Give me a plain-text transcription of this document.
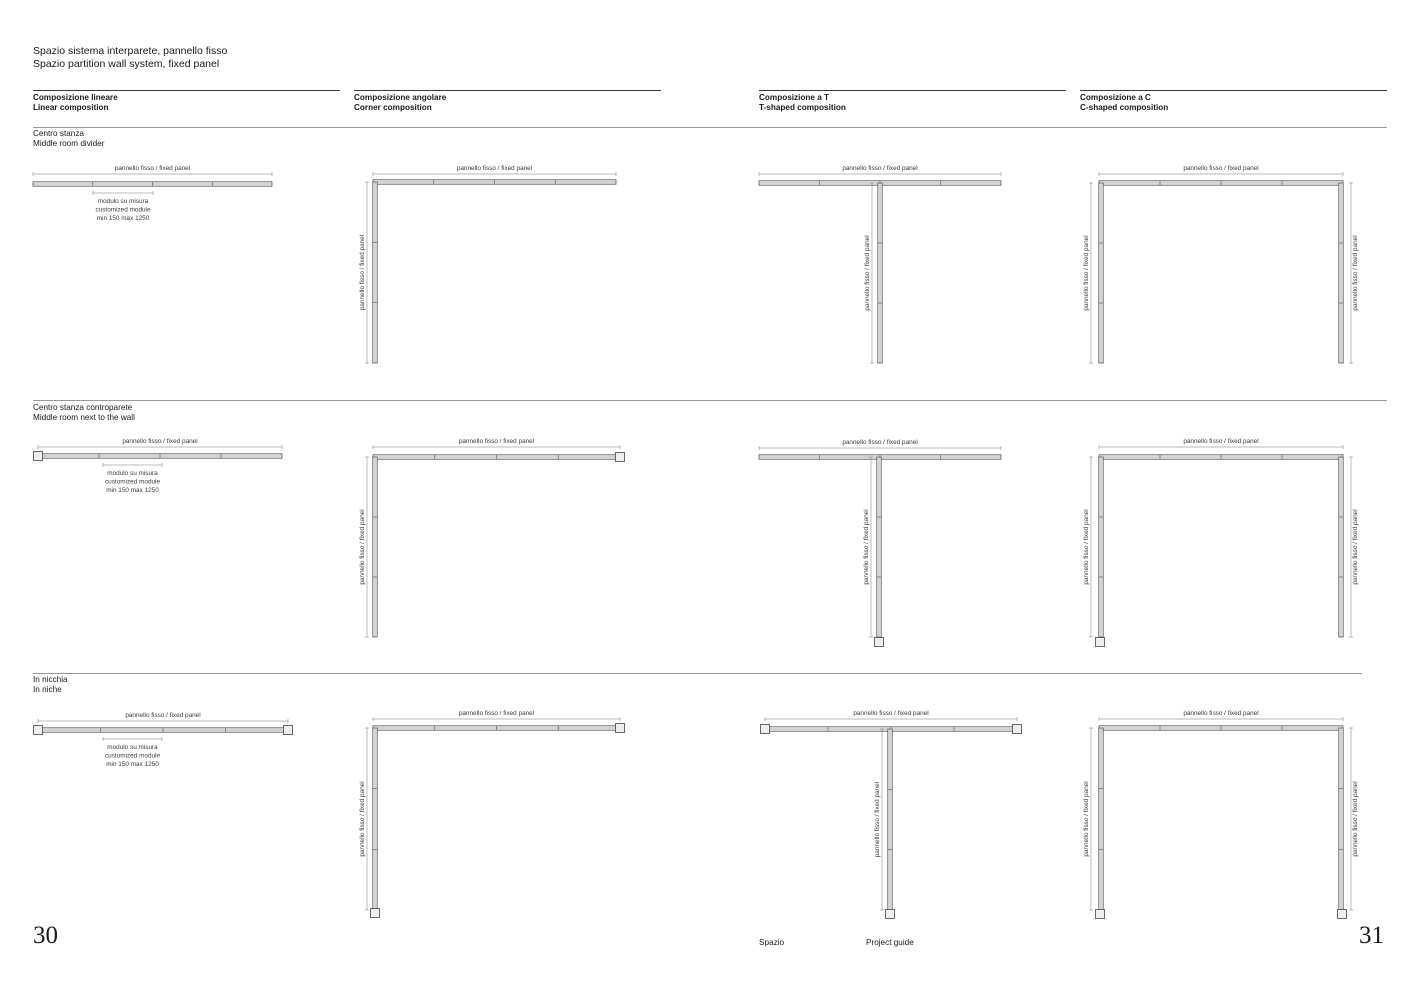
Spazio sistema interparete, pannello fisso
Spazio partition wall system, fixed panel
Composizione lineare
Linear composition
Composizione angolare
Corner composition
Composizione a T
T-shaped composition
Composizione a C
C-shaped composition
Centro stanza
Middle room divider
Centro stanza controparete
Middle room next to the wall
In nicchia
In niche
pannello fisso / fixed panel
modulo su misura
customized module
min 150 max 1250
pannello fisso / fixed panel
pannello fisso / fixed panel
pannello fisso / fixed panel
pannello fisso / fixed panel
pannello fisso / fixed panel
pannello fisso / fixed panel	pannello fisso / fixed panel
pannello fisso / fixed panel
modulo su misura
customized module
min 150 max 1250
pannello fisso / fixed panel
pannello fisso / fixed panel
pannello fisso / fixed panel
pannello fisso / fixed panel
pannello fisso / fixed panel
pannello fisso / fixed panel	pannello fisso / fixed panel
pannello fisso / fixed panel
modulo su misura
customized module
min 150 max 1250
pannello fisso / fixed panel
pannello fisso / fixed panel
pannello fisso / fixed panel
pannello fisso / fixed panel
pannello fisso / fixed panel
pannello fisso / fixed panel	pannello fisso / fixed panel
30	31
Spazio	Project guide
